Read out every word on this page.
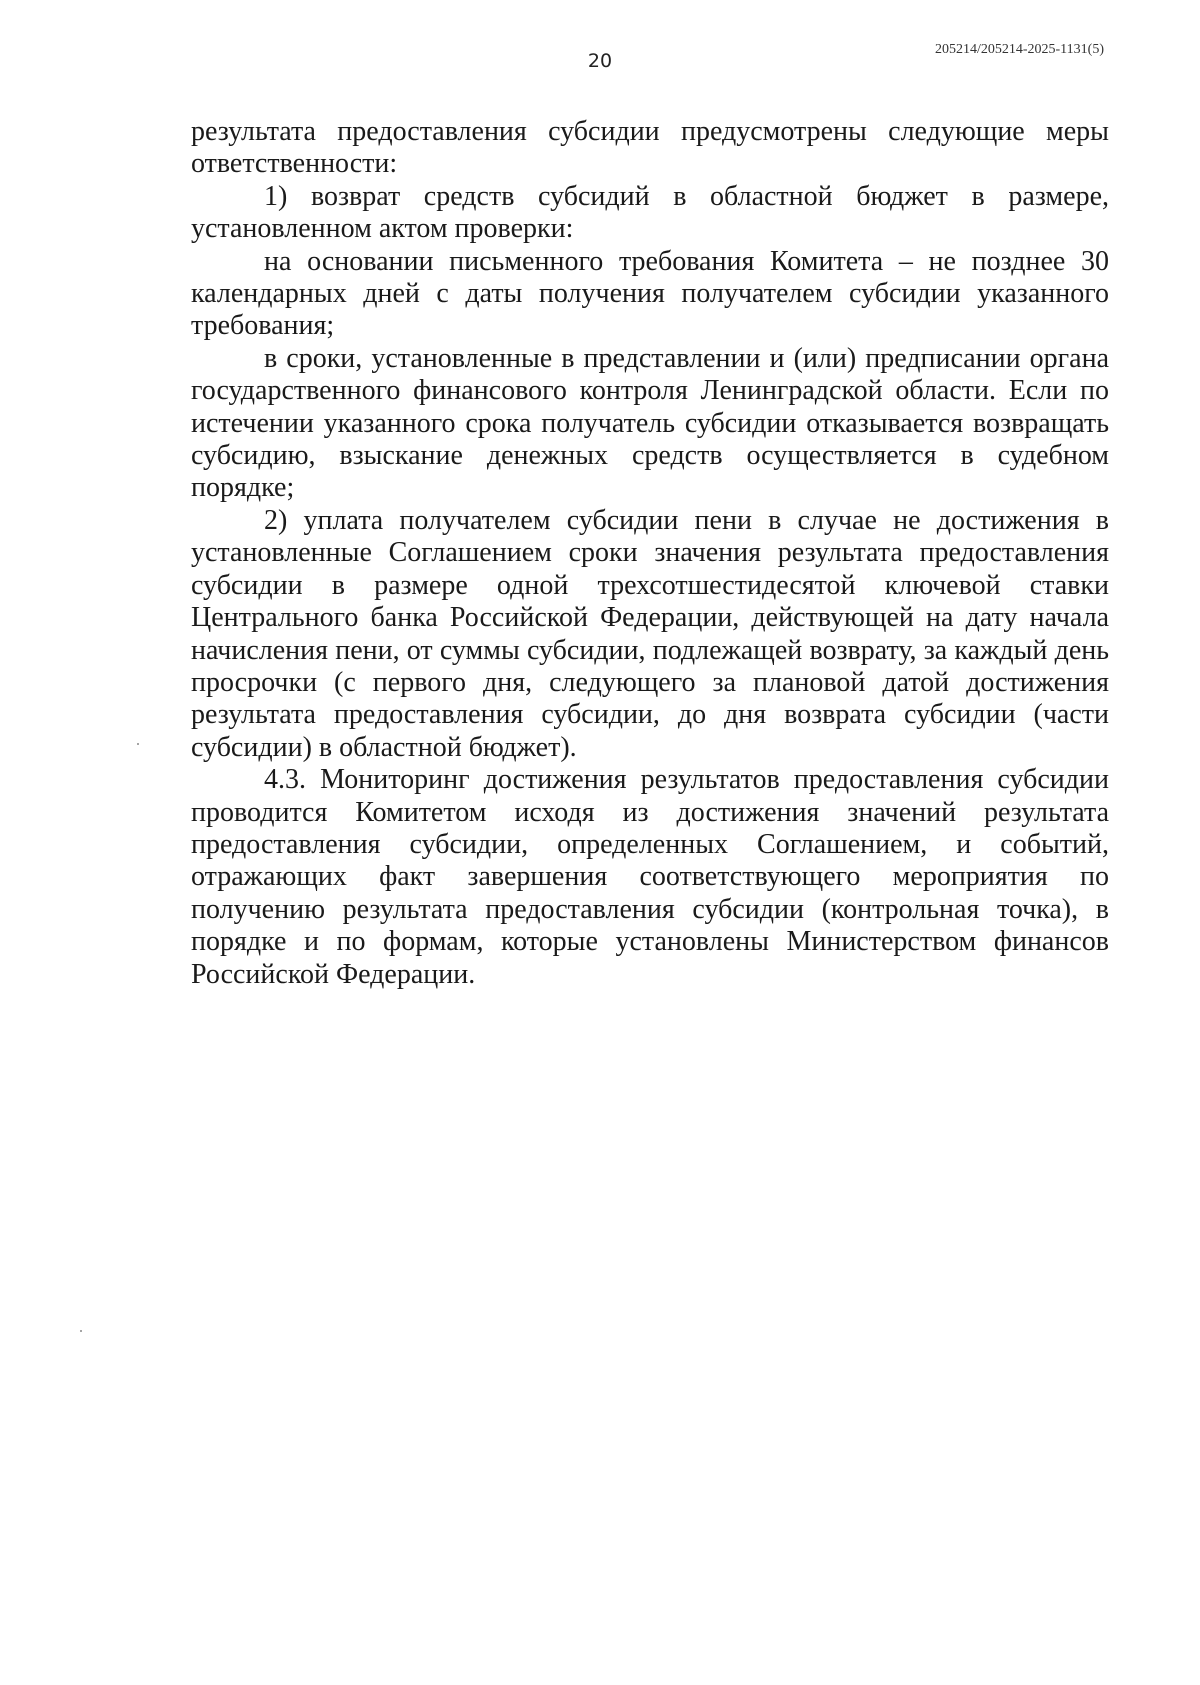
20
205214/205214-2025-1131(5)

результата предоставления субсидии предусмотрены следующие меры ответственности:

1) возврат средств субсидий в областной бюджет в размере, установленном актом проверки:

на основании письменного требования Комитета – не позднее 30 календарных дней с даты получения получателем субсидии указанного требования;

в сроки, установленные в представлении и (или) предписании органа государственного финансового контроля Ленинградской области. Если по истечении указанного срока получатель субсидии отказывается возвращать субсидию, взыскание денежных средств осуществляется в судебном порядке;

2) уплата получателем субсидии пени в случае не достижения в установленные Соглашением сроки значения результата предоставления субсидии в размере одной трехсотшестидесятой ключевой ставки Центрального банка Российской Федерации, действующей на дату начала начисления пени, от суммы субсидии, подлежащей возврату, за каждый день просрочки (с первого дня, следующего за плановой датой достижения результата предоставления субсидии, до дня возврата субсидии (части субсидии) в областной бюджет).

4.3. Мониторинг достижения результатов предоставления субсидии проводится Комитетом исходя из достижения значений результата предоставления субсидии, определенных Соглашением, и событий, отражающих факт завершения соответствующего мероприятия по получению результата предоставления субсидии (контрольная точка), в порядке и по формам, которые установлены Министерством финансов Российской Федерации.
